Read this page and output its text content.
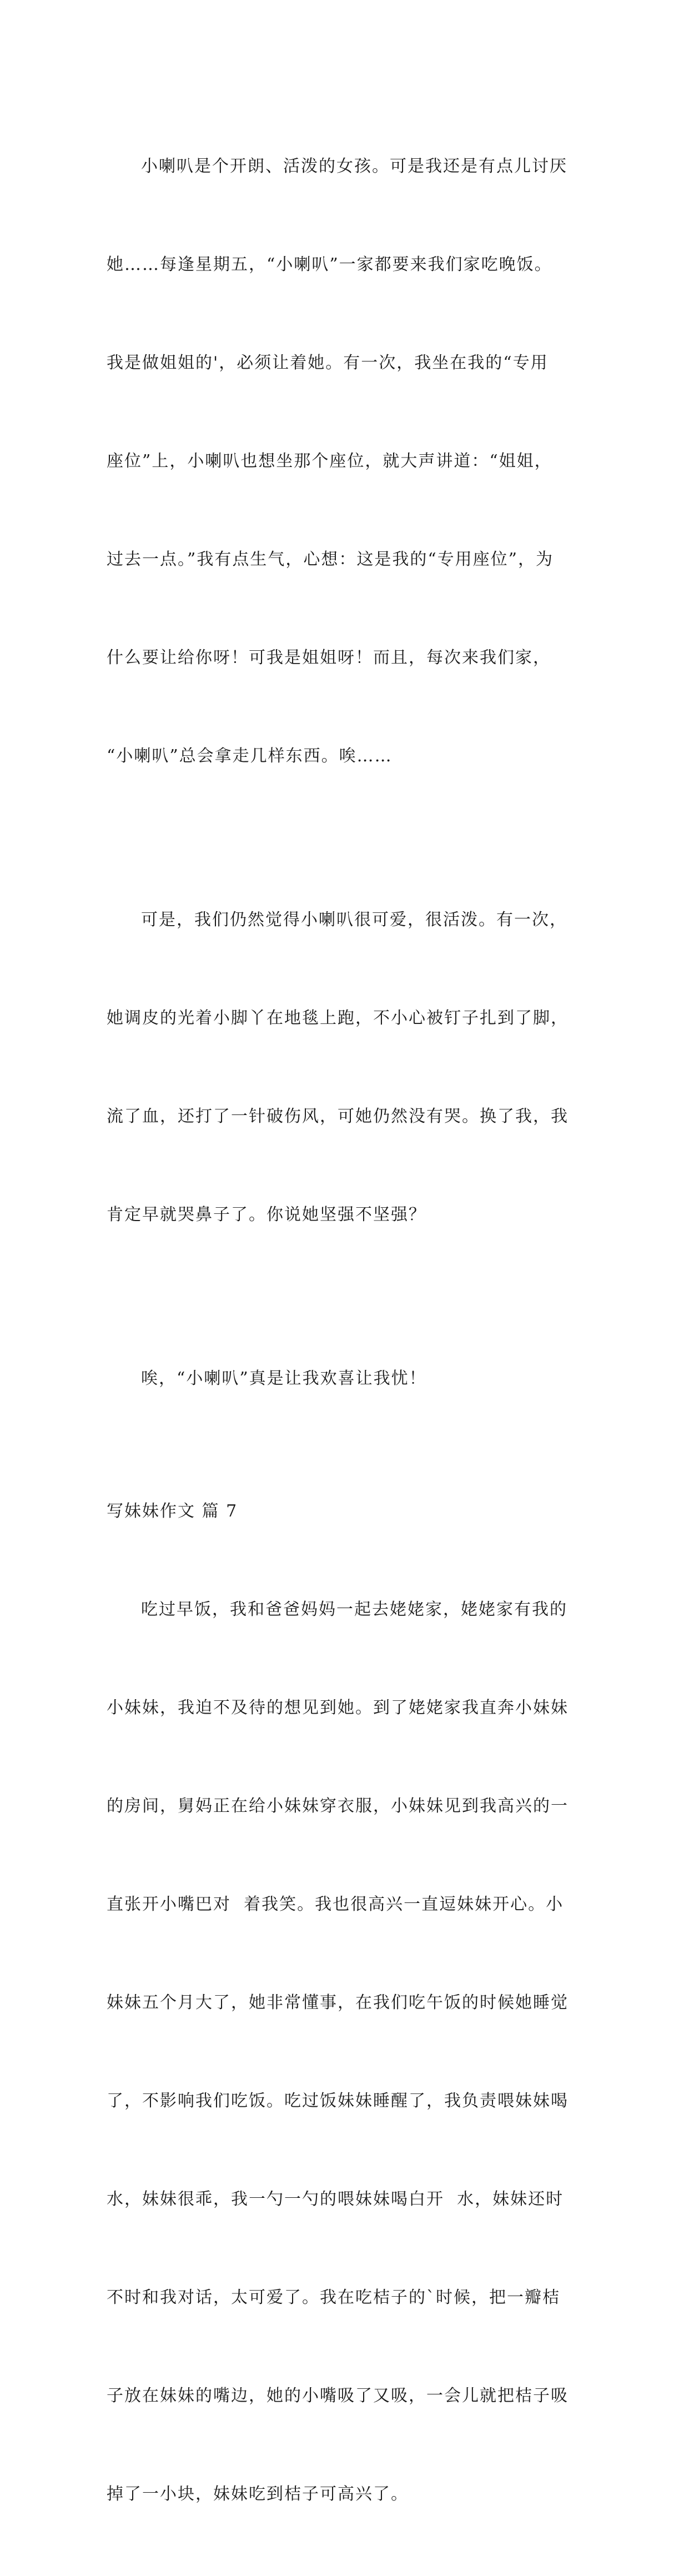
小喇叭是个开朗、活泼的女孩。可是我还是有点儿讨厌

她……每逢星期五，“小喇叭”一家都要来我们家吃晚饭。

我是做姐姐的'，必须让着她。有一次，我坐在我的“专用

座位”上，小喇叭也想坐那个座位，就大声讲道：“姐姐，

过去一点。”我有点生气，心想：这是我的“专用座位”，为

什么要让给你呀！可我是姐姐呀！而且，每次来我们家，

“小喇叭”总会拿走几样东西。唉……

可是，我们仍然觉得小喇叭很可爱，很活泼。有一次，

她调皮的光着小脚丫在地毯上跑，不小心被钉子扎到了脚，

流了血，还打了一针破伤风，可她仍然没有哭。换了我，我

肯定早就哭鼻子了。你说她坚强不坚强？

唉，“小喇叭”真是让我欢喜让我忧！

写妹妹作文 篇 7

吃过早饭，我和爸爸妈妈一起去姥姥家，姥姥家有我的

小妹妹，我迫不及待的想见到她。到了姥姥家我直奔小妹妹

的房间，舅妈正在给小妹妹穿衣服，小妹妹见到我高兴的一

直张开小嘴巴对  着我笑。我也很高兴一直逗妹妹开心。小

妹妹五个月大了，她非常懂事，在我们吃午饭的时候她睡觉

了，不影响我们吃饭。吃过饭妹妹睡醒了，我负责喂妹妹喝

水，妹妹很乖，我一勺一勺的喂妹妹喝白开  水，妹妹还时

不时和我对话，太可爱了。我在吃桔子的`时候，把一瓣桔

子放在妹妹的嘴边，她的小嘴吸了又吸，一会儿就把桔子吸

掉了一小块，妹妹吃到桔子可高兴了。
